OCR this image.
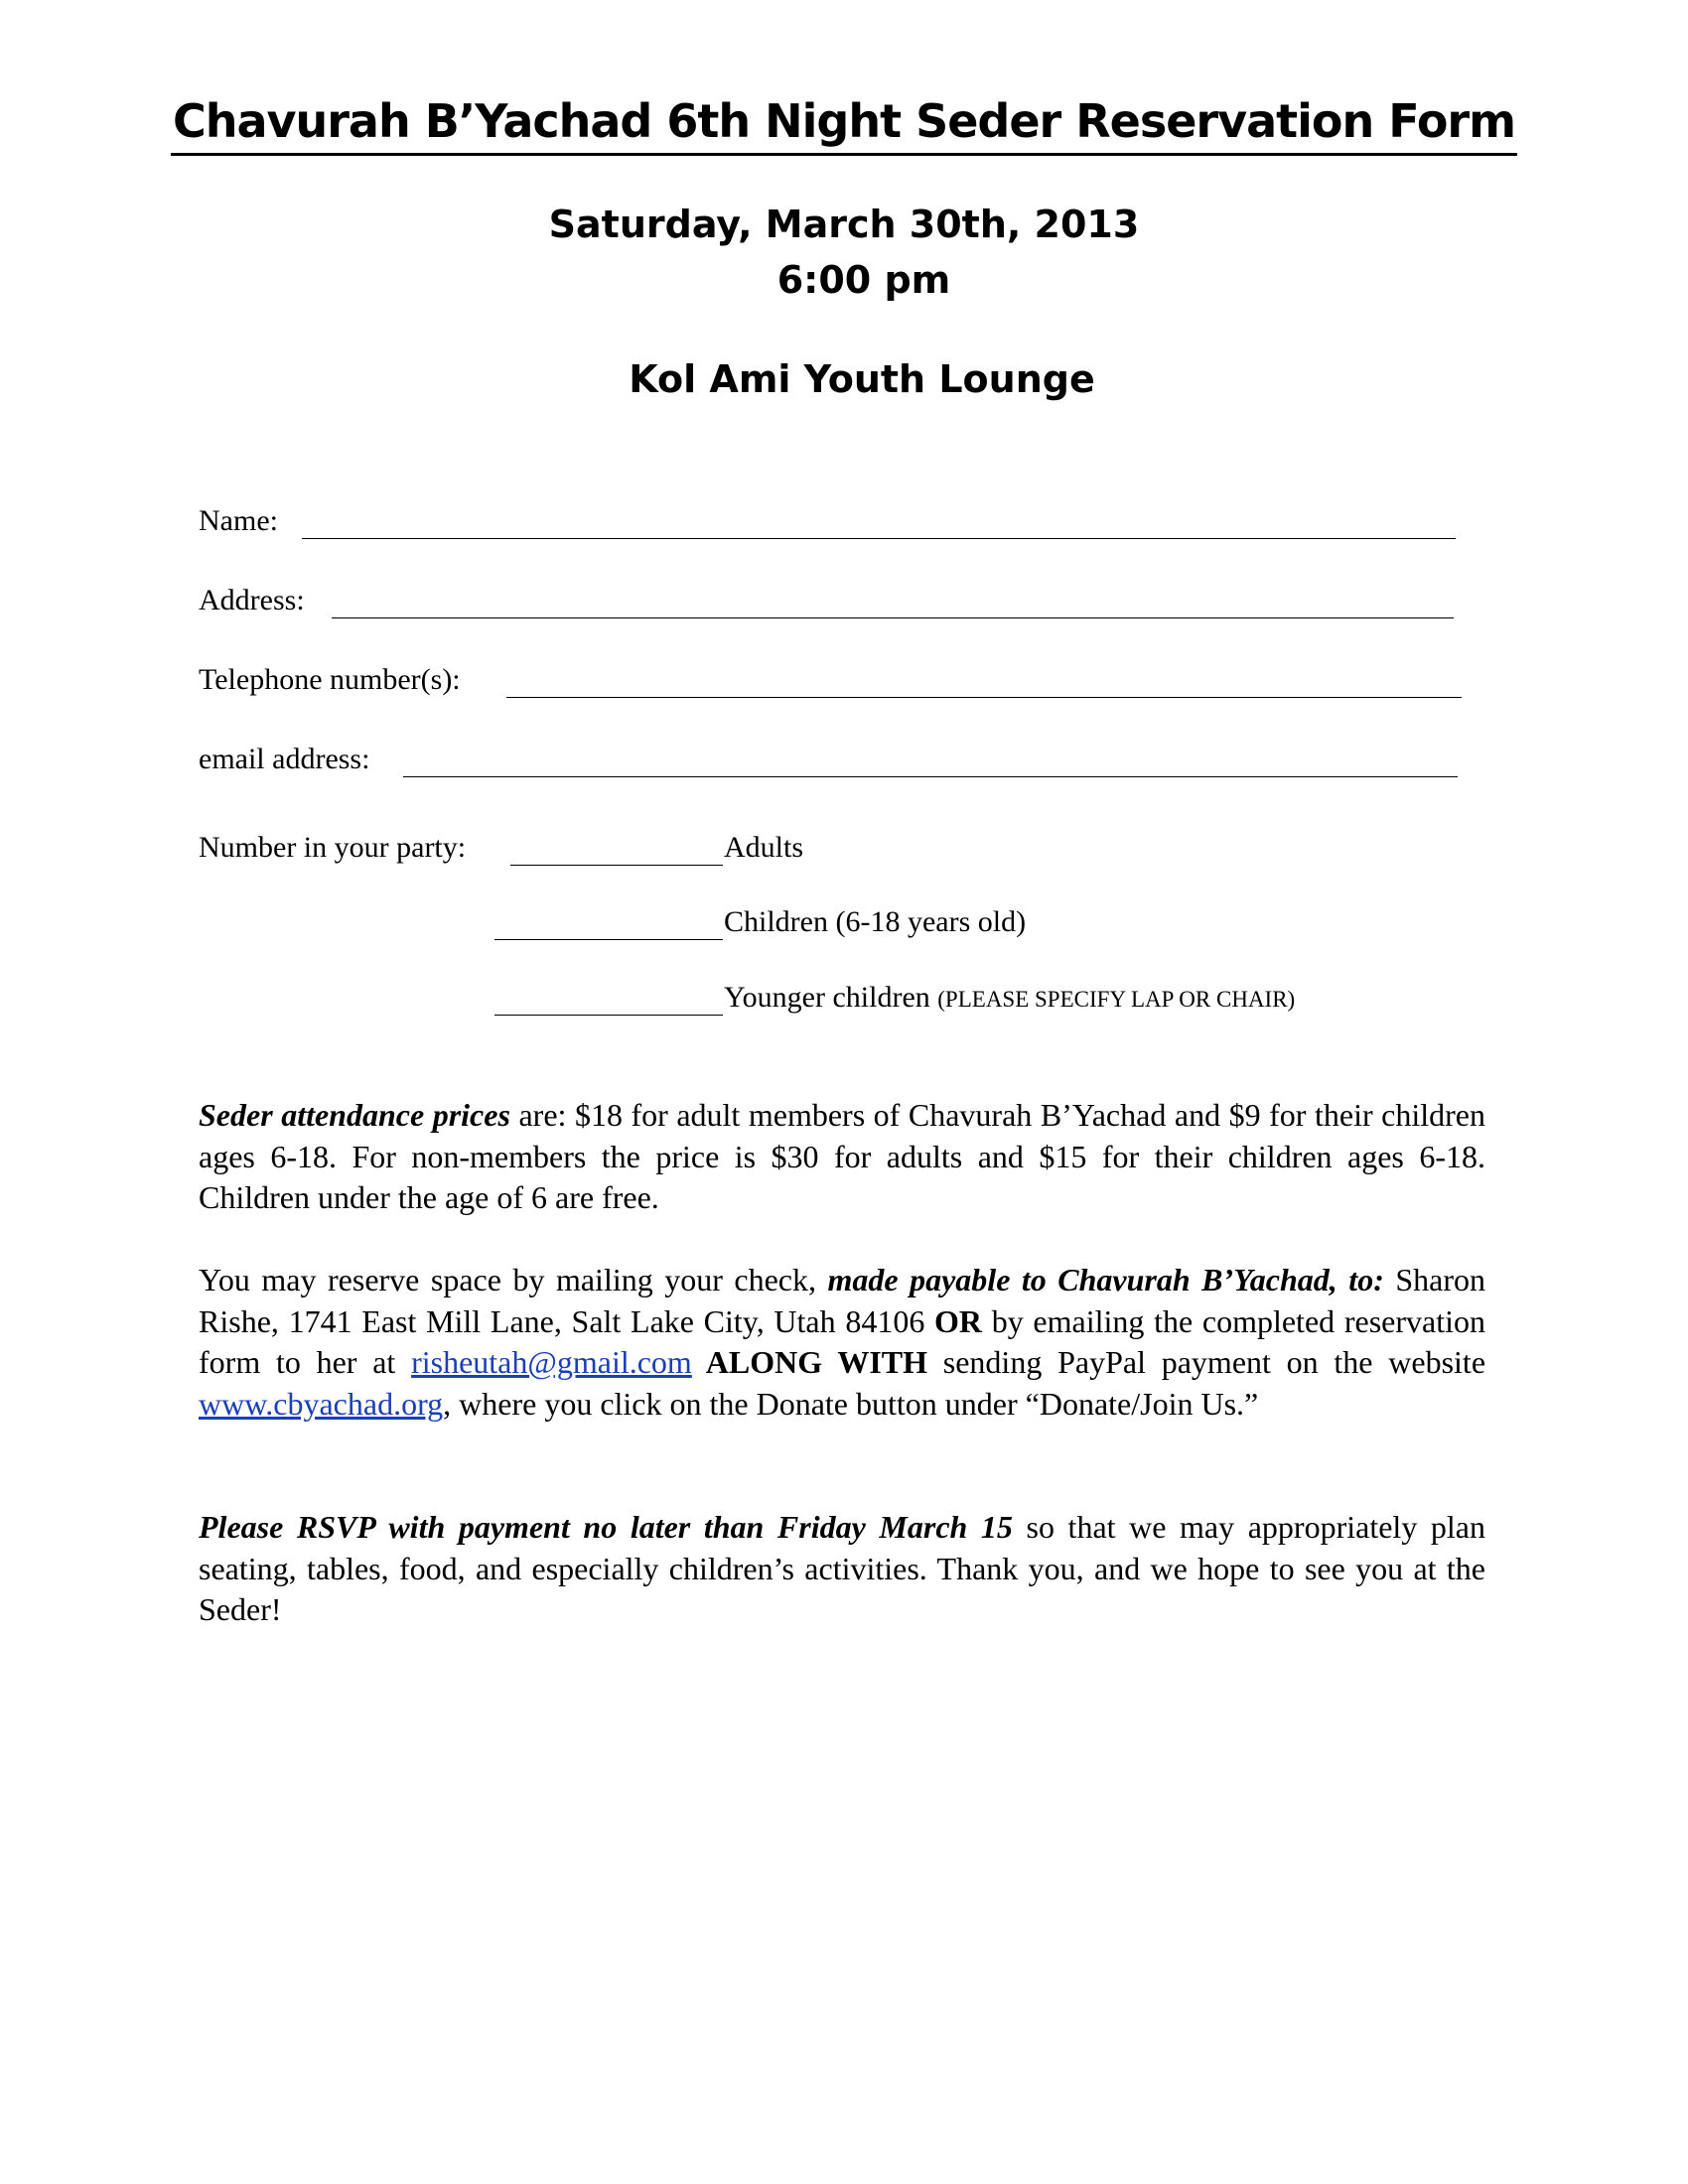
Chavurah B’Yachad 6th Night Seder Reservation Form
Saturday, March 30th, 2013
6:00 pm
Kol Ami Youth Lounge
Name:
Address:
Telephone number(s):
email address:
Number in your party:	Adults
Children (6-18 years old)
Younger children (PLEASE SPECIFY LAP OR CHAIR)
Seder attendance prices are: $18 for adult members of Chavurah B’Yachad and $9 for their children ages 6-18. For non-members the price is $30 for adults and $15 for their children ages 6-18. Children under the age of 6 are free.
You may reserve space by mailing your check, made payable to Chavurah B’Yachad, to: Sharon Rishe, 1741 East Mill Lane, Salt Lake City, Utah 84106 OR by emailing the completed reservation form to her at risheutah@gmail.com ALONG WITH sending PayPal payment on the website www.cbyachad.org, where you click on the Donate button under “Donate/Join Us.”
Please RSVP with payment no later than Friday March 15 so that we may appropriately plan seating, tables, food, and especially children’s activities. Thank you, and we hope to see you at the Seder!
